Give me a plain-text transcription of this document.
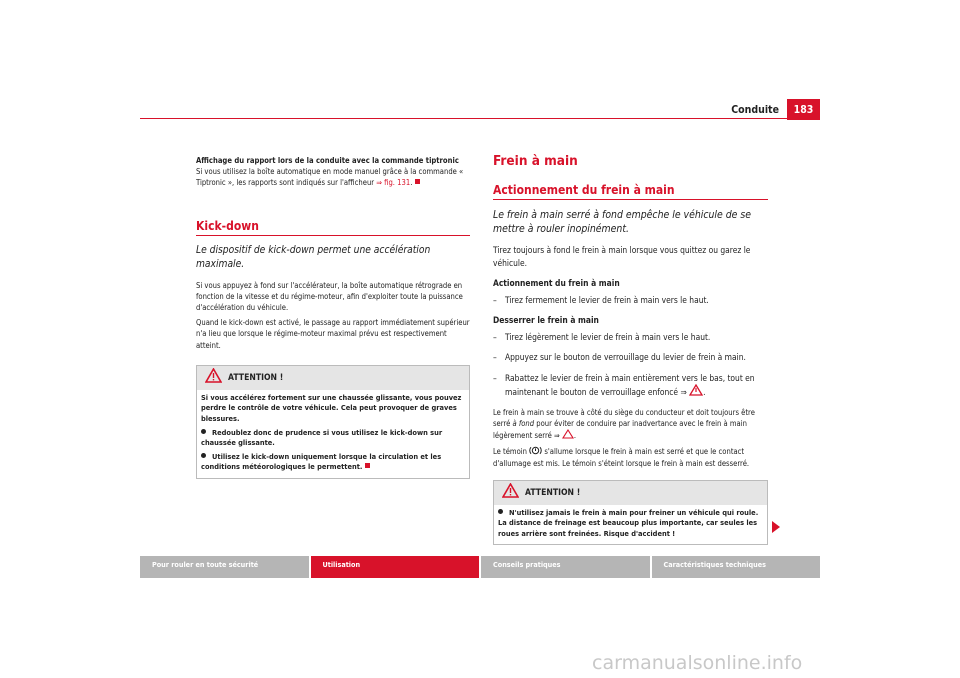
Conduite	183

Affichage du rapport lors de la conduite avec la commande tiptronic

Si vous utilisez la boîte automatique en mode manuel grâce à la commande « Tiptronic », les rapports sont indiqués sur l'afficheur ⇒ fig. 131.

Kick-down

Le dispositif de kick-down permet une accélération maximale.

Si vous appuyez à fond sur l'accélérateur, la boîte automatique rétrograde en fonction de la vitesse et du régime-moteur, afin d'exploiter toute la puissance d'accélération du véhicule.

Quand le kick-down est activé, le passage au rapport immédiatement supérieur n'a lieu que lorsque le régime-moteur maximal prévu est respectivement atteint.

ATTENTION !
Si vous accélérez fortement sur une chaussée glissante, vous pouvez perdre le contrôle de votre véhicule. Cela peut provoquer de graves blessures.
Redoublez donc de prudence si vous utilisez le kick-down sur chaussée glissante.
Utilisez le kick-down uniquement lorsque la circulation et les conditions météorologiques le permettent.

Frein à main

Actionnement du frein à main

Le frein à main serré à fond empêche le véhicule de se mettre à rouler inopinément.

Tirez toujours à fond le frein à main lorsque vous quittez ou garez le véhicule.

Actionnement du frein à main

– Tirez fermement le levier de frein à main vers le haut.

Desserrer le frein à main

– Tirez légèrement le levier de frein à main vers le haut.
– Appuyez sur le bouton de verrouillage du levier de frein à main.
– Rabattez le levier de frein à main entièrement vers le bas, tout en maintenant le bouton de verrouillage enfoncé ⇒ .

Le frein à main se trouve à côté du siège du conducteur et doit toujours être serré à fond pour éviter de conduire par inadvertance avec le frein à main légèrement serré ⇒ .

Le témoin s'allume lorsque le frein à main est serré et que le contact d'allumage est mis. Le témoin s'éteint lorsque le frein à main est desserré.

ATTENTION !
N'utilisez jamais le frein à main pour freiner un véhicule qui roule. La distance de freinage est beaucoup plus importante, car seules les roues arrière sont freinées. Risque d'accident !
Pour rouler en toute sécurité	Utilisation	Conseils pratiques	Caractéristiques techniques
carmanualsonline.info
